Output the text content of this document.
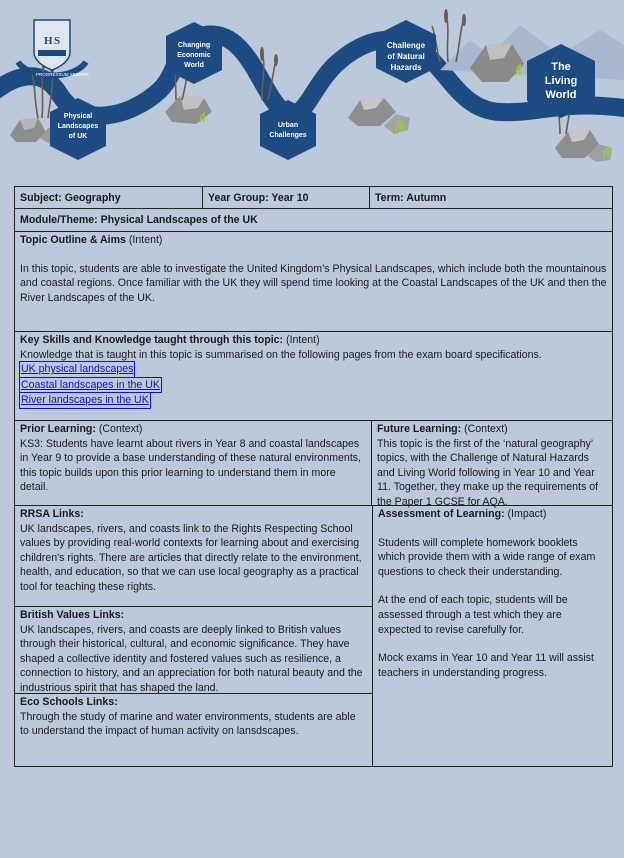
H S
PROGRESSUM SEMPER
Physical Landscapes of UK
Changing Economic World
Urban Challenges
Challenge of Natural Hazards	The Living World
Subject: Geography	Year Group: Year 10	Term: Autumn
Module/Theme: Physical Landscapes of the UK
Topic Outline & Aims (Intent)

In this topic, students are able to investigate the United Kingdom’s Physical Landscapes, which include both the mountainous and coastal regions. Once familiar with the UK they will spend time looking at the Coastal Landscapes of the UK and then the River Landscapes of the UK.

Key Skills and Knowledge taught through this topic: (Intent)
Knowledge that is taught in this topic is summarised on the following pages from the exam board specifications.
UK physical landscapes
Coastal landscapes in the UK
River landscapes in the UK
Prior Learning: (Context)

KS3: Students have learnt about rivers in Year 8 and coastal landscapes in Year 9 to provide a base understanding of these natural environments, this topic builds upon this prior learning to understand them in more detail.

Future Learning: (Context)

This topic is the first of the ‘natural geography’ topics, with the Challenge of Natural Hazards and Living World following in Year 10 and Year 11. Together, they make up the requirements of the Paper 1 GCSE for AQA.

RRSA Links:

UK landscapes, rivers, and coasts link to the Rights Respecting School values by providing real-world contexts for learning about and exercising children's rights. There are articles that directly relate to the environment, health, and education, so that we can use local geography as a practical tool for teaching these rights.

British Values Links:

UK landscapes, rivers, and coasts are deeply linked to British values through their historical, cultural, and economic significance. They have shaped a collective identity and fostered values such as resilience, a connection to history, and an appreciation for both natural beauty and the industrious spirit that has shaped the land.

Eco Schools Links:

Through the study of marine and water environments, students are able to understand the impact of human activity on lansdscapes.

Assessment of Learning: (Impact)

Students will complete homework booklets which provide them with a wide range of exam questions to check their understanding.

At the end of each topic, students will be assessed through a test which they are expected to revise carefully for.

Mock exams in Year 10 and Year 11 will assist teachers in understanding progress.
